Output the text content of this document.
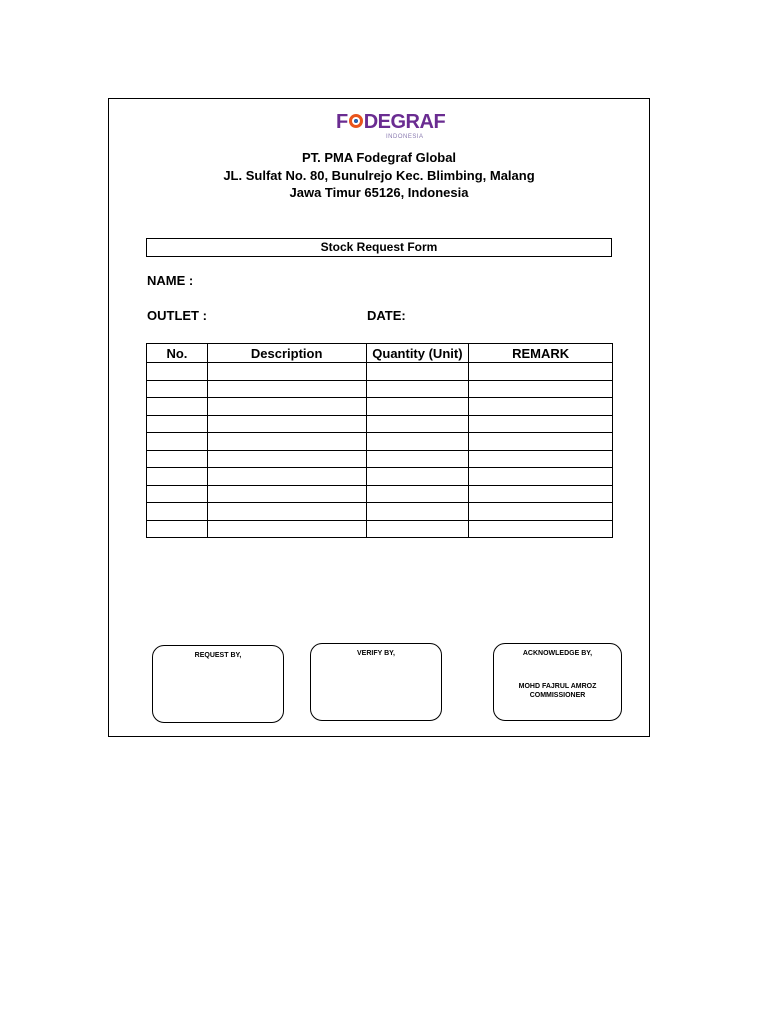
F DEGRAF
INDONESIA
PT. PMA Fodegraf Global
JL. Sulfat No. 80, Bunulrejo Kec. Blimbing, Malang
Jawa Timur 65126, Indonesia
Stock Request Form
NAME :
OUTLET :	DATE:
No.	Description	Quantity (Unit)	REMARK

REQUEST BY,	VERIFY BY,	ACKNOWLEDGE BY,
MOHD FAJRUL AMROZ
COMMISSIONER
